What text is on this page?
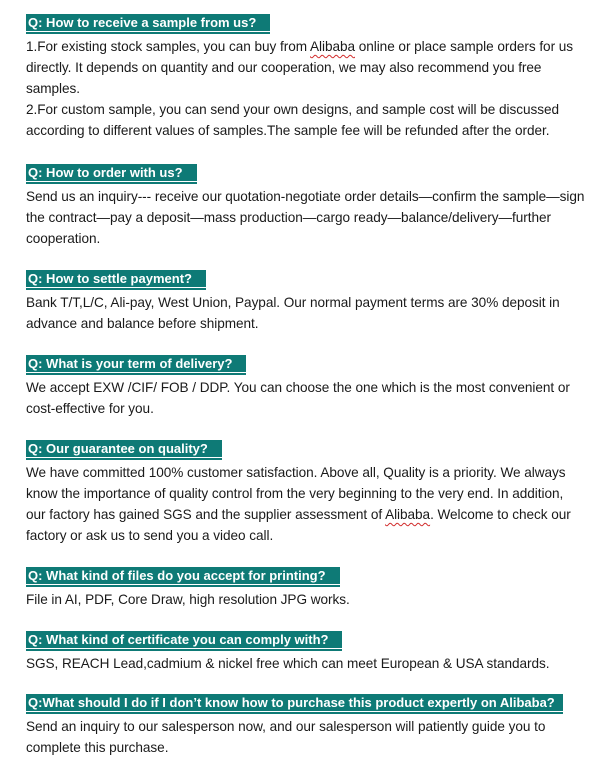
Q: How to receive a sample from us?

1.For existing stock samples, you can buy from Alibaba online or place sample orders for us directly. It depends on quantity and our cooperation, we may also recommend you free samples.

2.For custom sample, you can send your own designs, and sample cost will be discussed according to different values of samples.The sample fee will be refunded after the order.

Q: How to order with us?

Send us an inquiry--- receive our quotation-negotiate order details—confirm the sample—sign the contract—pay a deposit—mass production—cargo ready—balance/delivery—further cooperation.

Q: How to settle payment?

Bank T/T,L/C, Ali-pay, West Union, Paypal. Our normal payment terms are 30% deposit in advance and balance before shipment.

Q: What is your term of delivery?

We accept EXW /CIF/ FOB / DDP. You can choose the one which is the most convenient or cost-effective for you.

Q: Our guarantee on quality?

We have committed 100% customer satisfaction. Above all, Quality is a priority. We always know the importance of quality control from the very beginning to the very end. In addition, our factory has gained SGS and the supplier assessment of Alibaba. Welcome to check our factory or ask us to send you a video call.

Q: What kind of files do you accept for printing?

File in AI, PDF, Core Draw, high resolution JPG works.

Q: What kind of certificate you can comply with?

SGS, REACH Lead,cadmium & nickel free which can meet European & USA standards.

Q:What should I do if I don’t know how to purchase this product expertly on Alibaba?

Send an inquiry to our salesperson now, and our salesperson will patiently guide you to complete this purchase.
